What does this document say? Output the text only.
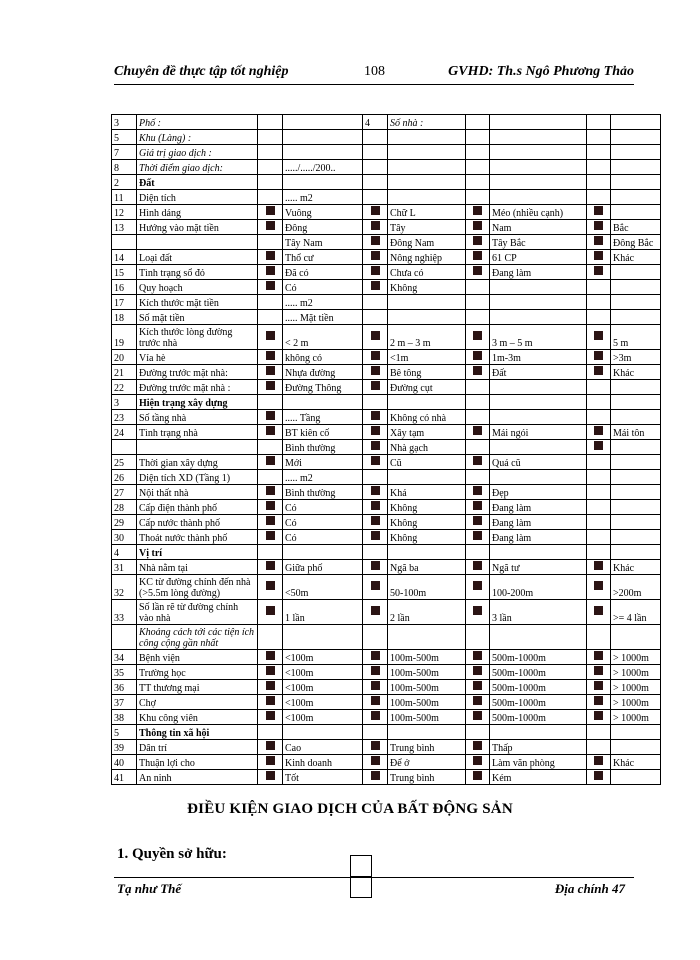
Chuyên đề thực tập tốt nghiệp	108	GVHD: Th.s Ngô Phương Thảo
3	Phố :			4	Số nhà :				
5	Khu (Làng) :								
7	Giá trị giao dịch :								
8	Thời điểm giao dịch:		...../...../200..						
2	Đất								
11	Diện tích		..... m2						
12	Hình dáng		Vuông		Chữ L		Méo (nhiều cạnh)		
13	Hướng vào mặt tiền		Đông		Tây		Nam		Bắc
			Tây Nam		Đông Nam		Tây Bắc		Đông Bắc
14	Loại đất		Thổ cư		Nông nghiệp		61 CP		Khác
15	Tình trạng sổ đỏ		Đã có		Chưa có		Đang làm		
16	Quy hoạch		Có		Không				
17	Kích thước mặt tiền		..... m2						
18	Số mặt tiền		..... Mặt tiền						
19	Kích thước lòng đường trước nhà		< 2 m		2 m – 3 m		3 m – 5 m		5 m
20	Vỉa hè		không có		<1m		1m-3m		>3m
21	Đường trước mặt nhà:		Nhựa đường		Bê tông		Đất		Khác
22	Đường trước mặt nhà :		Đường Thông		Đường cụt				
3	Hiện trạng xây dựng								
23	Số tầng nhà		..... Tầng		Không có nhà				
24	Tình trạng nhà		BT kiên cố		Xây tạm		Mái ngói		Mái tôn
			Bình thường		Nhà gạch				
25	Thời gian xây dựng		Mới		Cũ		Quá cũ		
26	Diện tích XD (Tầng 1)		..... m2						
27	Nội thất nhà		Bình thường		Khá		Đẹp		
28	Cấp điện thành phố		Có		Không		Đang làm		
29	Cấp nước thành phố		Có		Không		Đang làm		
30	Thoát nước thành phố		Có		Không		Đang làm		
4	Vị trí								
31	Nhà nằm tại		Giữa phố		Ngã ba		Ngã tư		Khác
32	KC từ đường chính đến nhà (>5.5m lòng đường)		<50m		50-100m		100-200m		>200m
33	Số lần rẽ từ đường chính vào nhà		1 lần		2 lần		3 lần		>= 4 lần
	Khoảng cách tới các tiện ích công cộng gần nhất								
34	Bệnh viện		<100m		100m-500m		500m-1000m		> 1000m
35	Trường học		<100m		100m-500m		500m-1000m		> 1000m
36	TT thương mại		<100m		100m-500m		500m-1000m		> 1000m
37	Chợ		<100m		100m-500m		500m-1000m		> 1000m
38	Khu công viên		<100m		100m-500m		500m-1000m		> 1000m
5	Thông tin xã hội								
39	Dân trí		Cao		Trung bình		Thấp		
40	Thuận lợi cho		Kinh doanh		Để ở		Làm văn phòng		Khác
41	An ninh		Tốt		Trung bình		Kém		
ĐIỀU KIỆN GIAO DỊCH CỦA BẤT ĐỘNG SẢN
1. Quyền sở hữu:
Tạ như Thế	Địa chính 47
